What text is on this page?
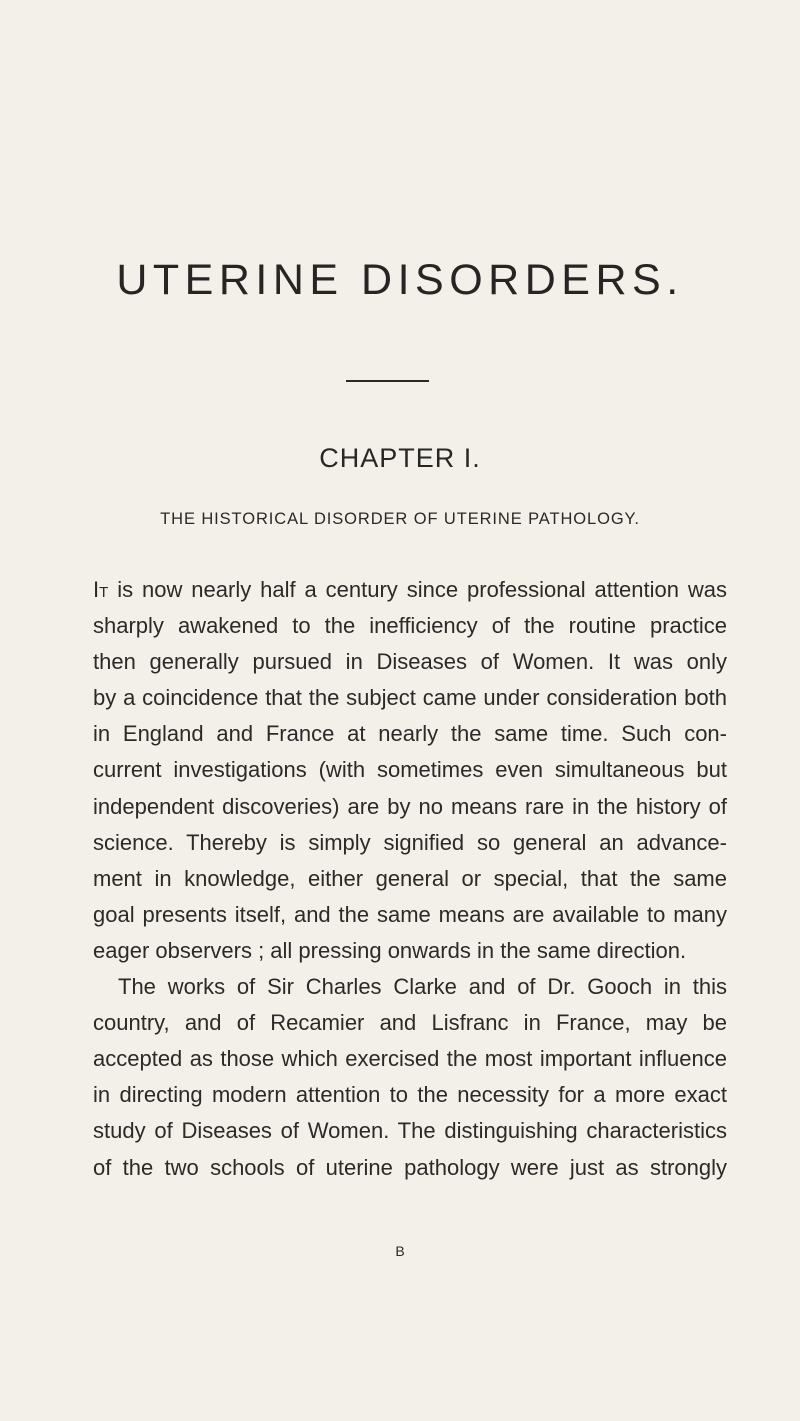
UTERINE DISORDERS.
CHAPTER I.
THE HISTORICAL DISORDER OF UTERINE PATHOLOGY.
It is now nearly half a century since professional attention was
sharply awakened to the inefficiency of the routine practice
then generally pursued in Diseases of Women. It was only
by a coincidence that the subject came under consideration both
in England and France at nearly the same time. Such con-
current investigations (with sometimes even simultaneous but
independent discoveries) are by no means rare in the history of
science. Thereby is simply signified so general an advance-
ment in knowledge, either general or special, that the same
goal presents itself, and the same means are available to many
eager observers ; all pressing onwards in the same direction.
The works of Sir Charles Clarke and of Dr. Gooch in this
country, and of Recamier and Lisfranc in France, may be
accepted as those which exercised the most important influence
in directing modern attention to the necessity for a more exact
study of Diseases of Women. The distinguishing characteristics
of the two schools of uterine pathology were just as strongly
B
